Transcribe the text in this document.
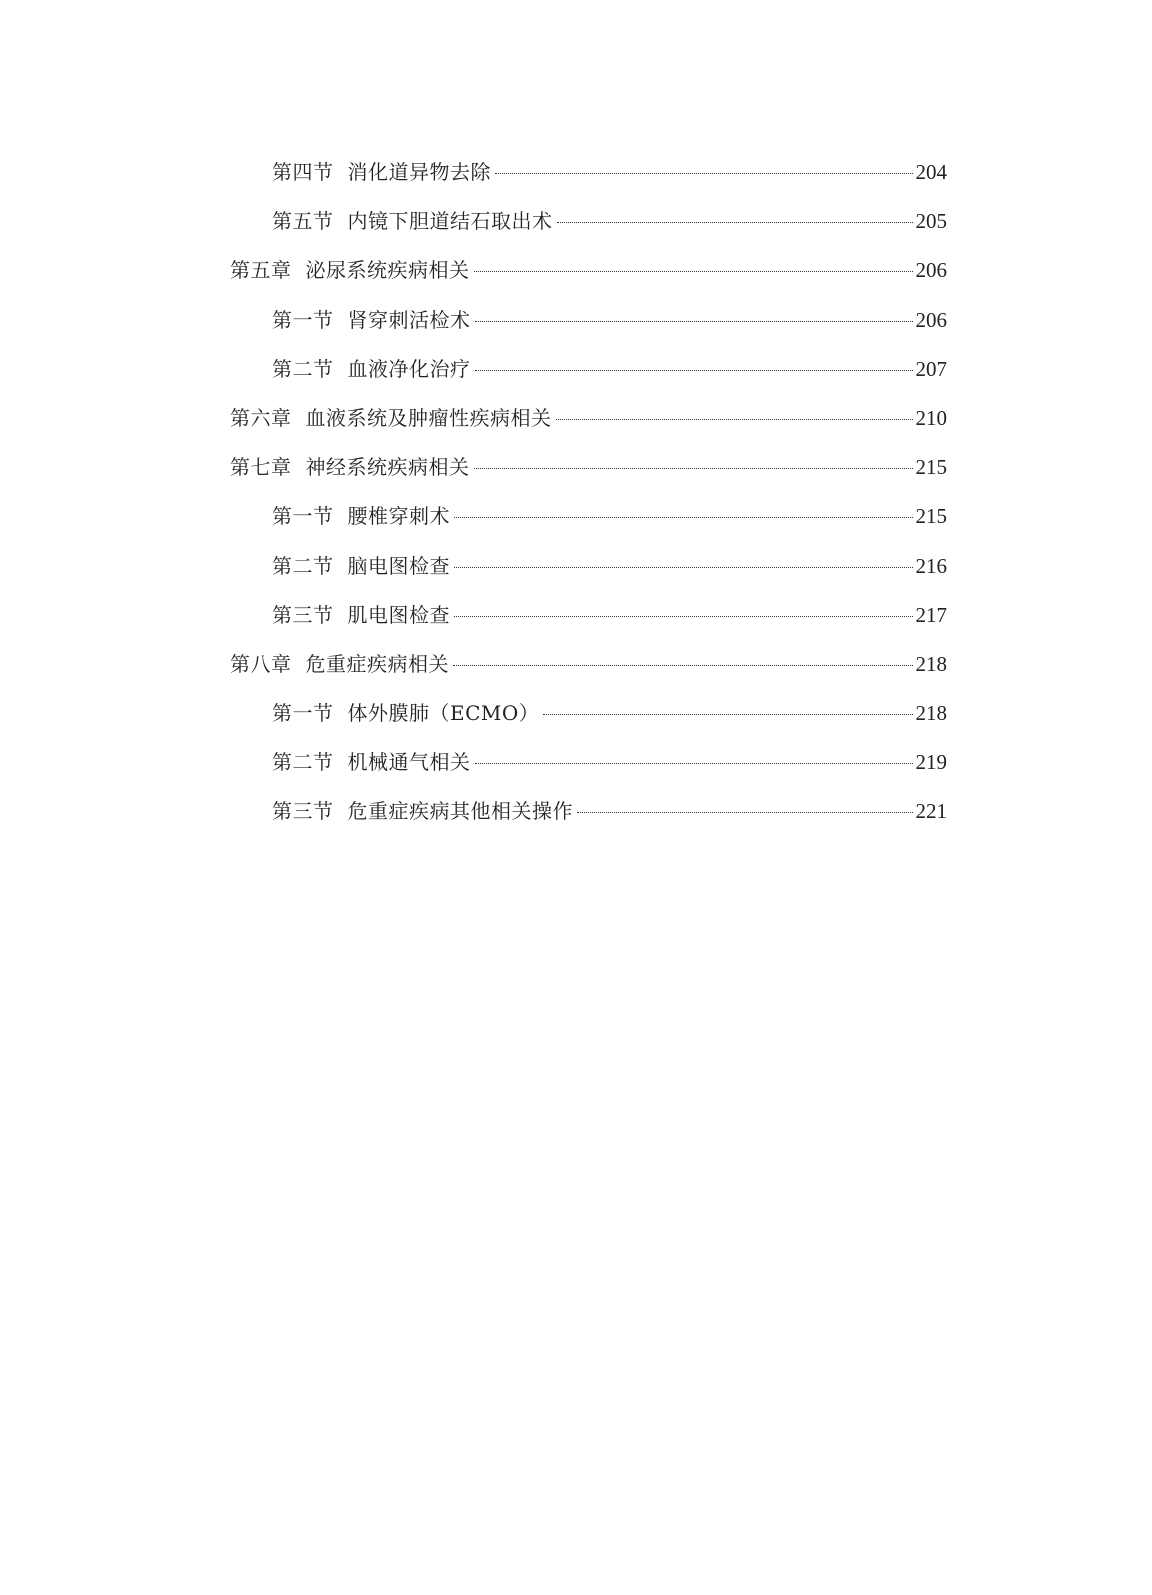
第四节 消化道异物去除	204
第五节 内镜下胆道结石取出术	205
第五章 泌尿系统疾病相关	206
第一节 肾穿刺活检术	206
第二节 血液净化治疗	207
第六章 血液系统及肿瘤性疾病相关	210
第七章 神经系统疾病相关	215
第一节 腰椎穿刺术	215
第二节 脑电图检查	216
第三节 肌电图检查	217
第八章 危重症疾病相关	218
第一节 体外膜肺（ECMO）	218
第二节 机械通气相关	219
第三节 危重症疾病其他相关操作	221
